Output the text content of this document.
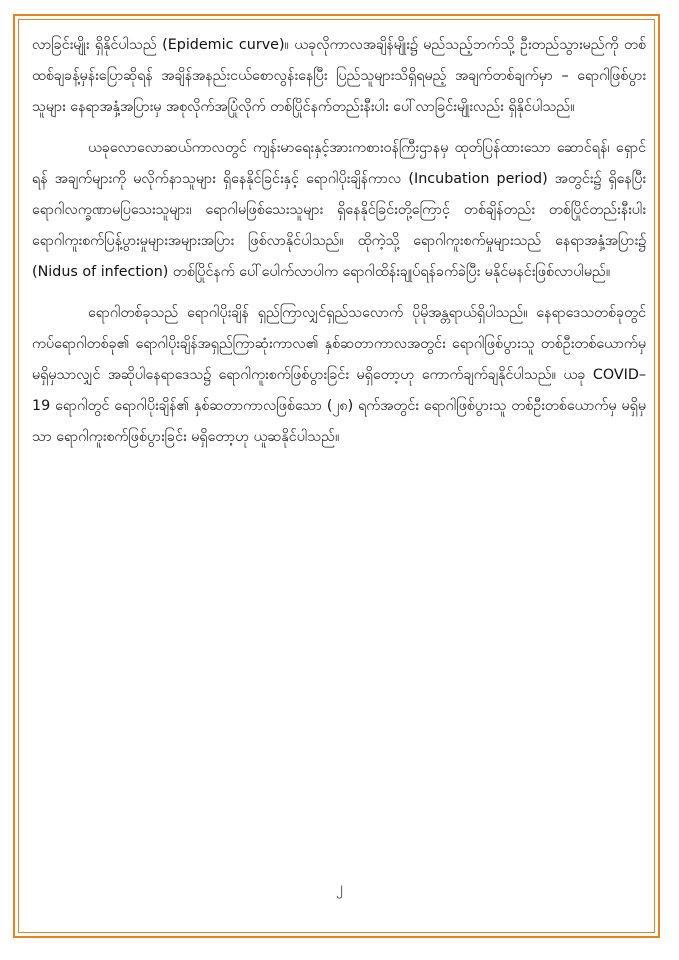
လာခြင်းမျိုး ရှိနိုင်ပါသည် (Epidemic curve)။ ယခုလိုကာလအချိန်မျိုး၌ မည်သည့်ဘက်သို့ ဦးတည်သွားမည်ကို တစ်ထစ်ချခန့်မှန်းပြောဆိုရန် အချိန်အနည်းငယ်စောလွန်းနေပြီး ပြည်သူများသိရှိရမည့် အချက်တစ်ချက်မှာ – ရောဂါဖြစ်ပွားသူများ နေရာအနှံ့အပြားမှ အစုလိုက်အပြုံလိုက် တစ်ပြိုင်နက်တည်းနီးပါး ပေါ်လာခြင်းမျိုးလည်း ရှိနိုင်ပါသည်။

ယခုလောလောဆယ်ကာလတွင် ကျန်းမာရေးနှင့်အားကစားဝန်ကြီးဌာနမှ ထုတ်ပြန်ထားသော ဆောင်ရန်၊ ရှောင်ရန် အချက်များကို မလိုက်နာသူများ ရှိနေနိုင်ခြင်းနှင့် ရောဂါပိုးချိန်ကာလ (Incubation period) အတွင်း၌ ရှိနေပြီး ရောဂါလက္ခဏာမပြသေးသူများ၊ ရောဂါမဖြစ်သေးသူများ ရှိနေနိုင်ခြင်းတို့ကြောင့် တစ်ချိန်တည်း တစ်ပြိုင်တည်းနီးပါး ရောဂါကူးစက်ပြန့်ပွားမှုများအများအပြား ဖြစ်လာနိုင်ပါသည်။ ထိုကဲ့သို့ ရောဂါကူးစက်မှုများသည် နေရာအနှံ့အပြား၌ (Nidus of infection) တစ်ပြိုင်နက် ပေါ်ပေါက်လာပါက ရောဂါထိန်းချုပ်ရန်ခက်ခဲပြီး မနိုင်မနင်းဖြစ်လာပါမည်။

ရောဂါတစ်ခုသည် ရောဂါပိုးချိန် ရှည်ကြာလျှင်ရှည်သလောက် ပိုမိုအန္တရာယ်ရှိပါသည်။ နေရာဒေသတစ်ခုတွင် ကပ်ရောဂါတစ်ခု၏ ရောဂါပိုးချိန်အရှည်ကြာဆုံးကာလ၏ နှစ်ဆတာကာလအတွင်း ရောဂါဖြစ်ပွားသူ တစ်ဦးတစ်ယောက်မှ မရှိမှသာလျှင် အဆိုပါနေရာဒေသ၌ ရောဂါကူးစက်ဖြစ်ပွားခြင်း မရှိတော့ဟု ကောက်ချက်ချနိုင်ပါသည်။ ယခု COVID–19 ရောဂါတွင် ရောဂါပိုးချိန်၏ နှစ်ဆတာကာလဖြစ်သော (၂၈) ရက်အတွင်း ရောဂါဖြစ်ပွားသူ တစ်ဦးတစ်ယောက်မှ မရှိမှသာ ရောဂါကူးစက်ဖြစ်ပွားခြင်း မရှိတော့ဟု ယူဆနိုင်ပါသည်။

၂
